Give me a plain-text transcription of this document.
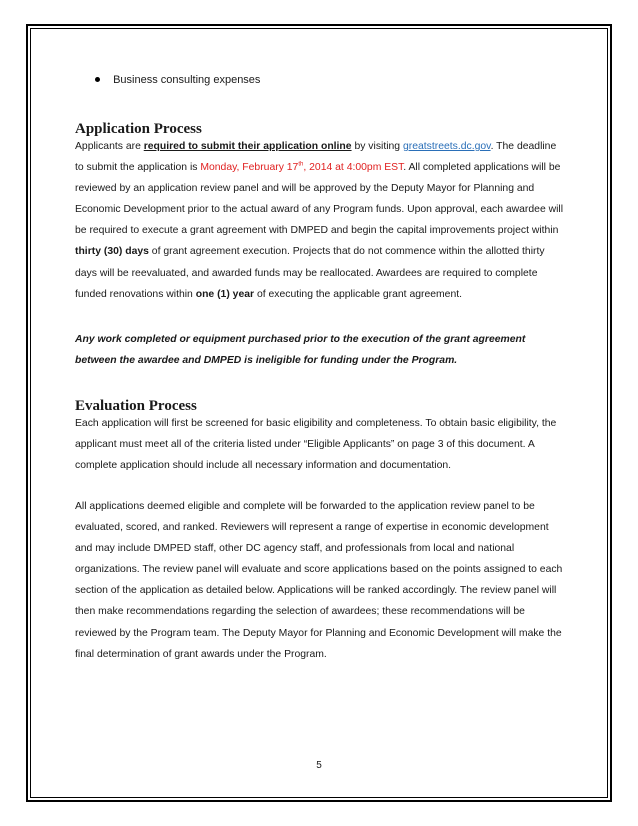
Business consulting expenses
Application Process

Applicants are required to submit their application online by visiting greatstreets.dc.gov. The deadline to submit the application is Monday, February 17th, 2014 at 4:00pm EST. All completed applications will be reviewed by an application review panel and will be approved by the Deputy Mayor for Planning and Economic Development prior to the actual award of any Program funds. Upon approval, each awardee will be required to execute a grant agreement with DMPED and begin the capital improvements project within thirty (30) days of grant agreement execution. Projects that do not commence within the allotted thirty days will be reevaluated, and awarded funds may be reallocated. Awardees are required to complete funded renovations within one (1) year of executing the applicable grant agreement.

Any work completed or equipment purchased prior to the execution of the grant agreement between the awardee and DMPED is ineligible for funding under the Program.

Evaluation Process

Each application will first be screened for basic eligibility and completeness. To obtain basic eligibility, the applicant must meet all of the criteria listed under “Eligible Applicants” on page 3 of this document. A complete application should include all necessary information and documentation.

All applications deemed eligible and complete will be forwarded to the application review panel to be evaluated, scored, and ranked. Reviewers will represent a range of expertise in economic development and may include DMPED staff, other DC agency staff, and professionals from local and national organizations. The review panel will evaluate and score applications based on the points assigned to each section of the application as detailed below. Applications will be ranked accordingly. The review panel will then make recommendations regarding the selection of awardees; these recommendations will be reviewed by the Program team. The Deputy Mayor for Planning and Economic Development will make the final determination of grant awards under the Program.

5
